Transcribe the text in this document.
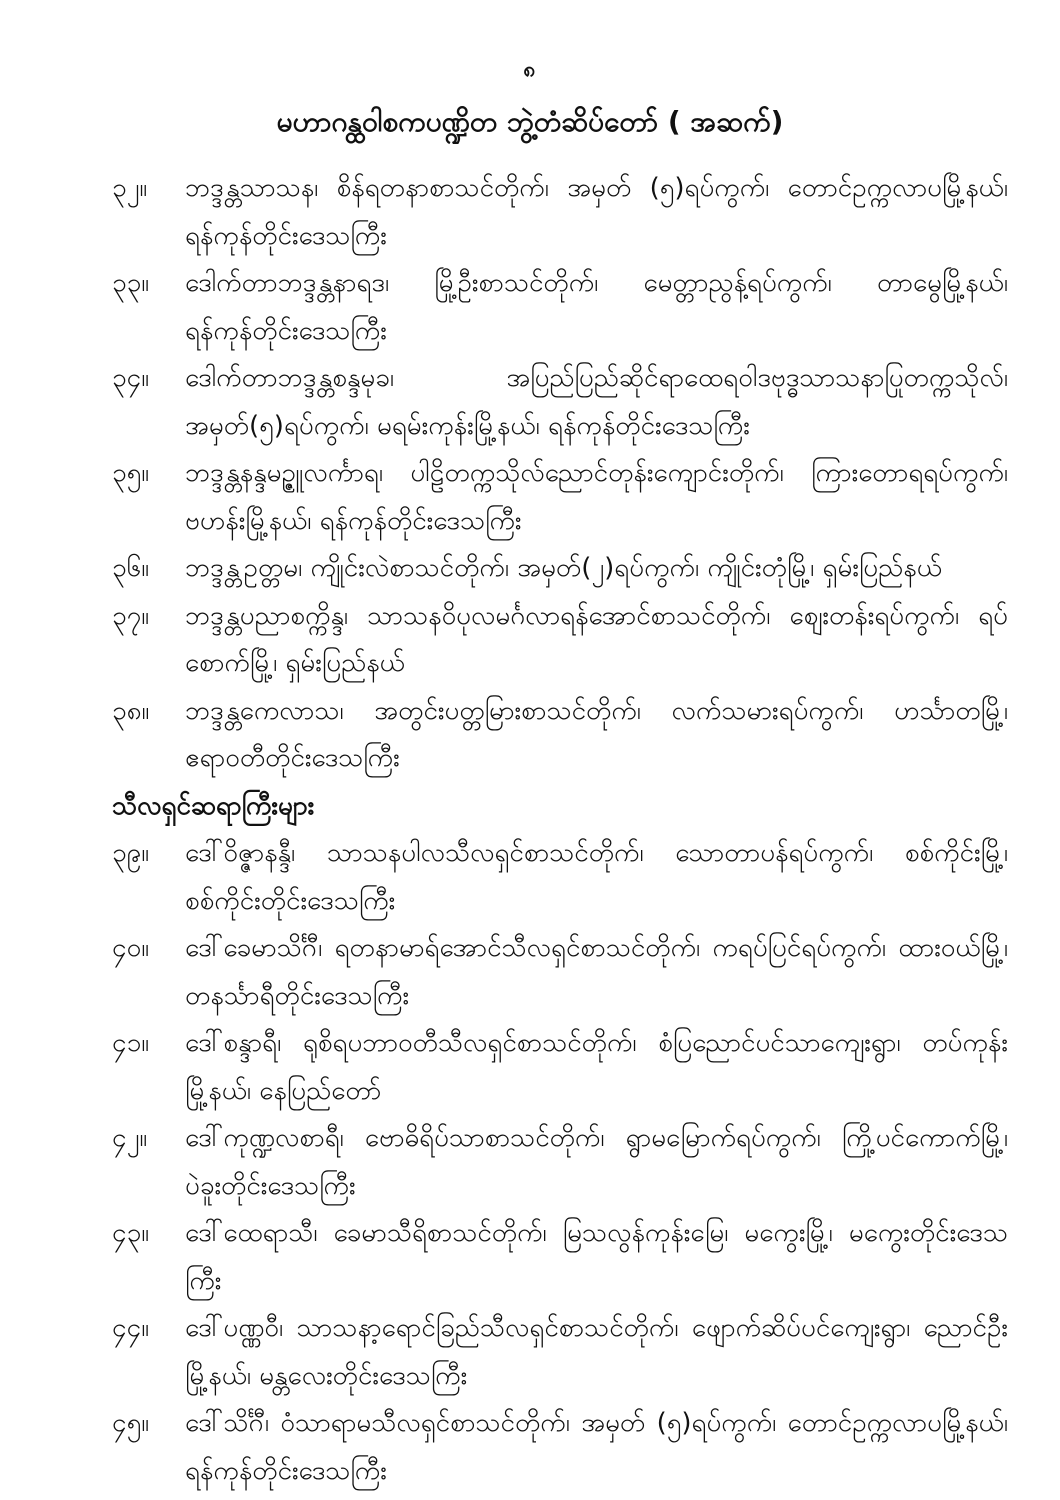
၈
မဟာဂန္ထဝါစကပဏ္ဍိတ ဘွဲ့တံဆိပ်တော် ( အဆက်)
၃၂။	ဘဒ္ဒန္တသာသန၊ စိန်ရတနာစာသင်တိုက်၊ အမှတ် (၅)ရပ်ကွက်၊ တောင်ဥက္ကလာပမြို့နယ်၊ ရန်ကုန်တိုင်းဒေသကြီး
၃၃။	ဒေါက်တာဘဒ္ဒန္တနာရဒ၊ မြို့ဦးစာသင်တိုက်၊ မေတ္တာညွန့်ရပ်ကွက်၊ တာမွေမြို့နယ်၊ ရန်ကုန်တိုင်းဒေသကြီး
၃၄။	ဒေါက်တာဘဒ္ဒန္တစန္ဒမုခ၊ အပြည်ပြည်ဆိုင်ရာထေရဝါဒဗုဒ္ဓသာသနာပြုတက္ကသိုလ်၊ အမှတ်(၅)ရပ်ကွက်၊ မရမ်းကုန်းမြို့နယ်၊ ရန်ကုန်တိုင်းဒေသကြီး
၃၅။	ဘဒ္ဒန္တနန္ဒမဉ္ဇူလင်္ကာရ၊ ပါဠိတက္ကသိုလ်ညောင်တုန်းကျောင်းတိုက်၊ ကြားတောရရပ်ကွက်၊ ဗဟန်းမြို့နယ်၊ ရန်ကုန်တိုင်းဒေသကြီး
၃၆။	ဘဒ္ဒန္တဥတ္တမ၊ ကျိုင်းလဲစာသင်တိုက်၊ အမှတ်(၂)ရပ်ကွက်၊ ကျိုင်းတုံမြို့၊ ရှမ်းပြည်နယ်
၃၇။	ဘဒ္ဒန္တပညာစက္ကိန္ဒ၊ သာသနဝိပုလမင်္ဂလာရန်အောင်စာသင်တိုက်၊ စျေးတန်းရပ်ကွက်၊ ရပ်စောက်မြို့၊ ရှမ်းပြည်နယ်
၃၈။	ဘဒ္ဒန္တကေလာသ၊ အတွင်းပတ္တမြားစာသင်တိုက်၊ လက်သမားရပ်ကွက်၊ ဟင်္သာတမြို့၊ ဧရာဝတီတိုင်းဒေသကြီး
သီလရှင်ဆရာကြီးများ
၃၉။	ဒေါ်ဝိဇ္ဇာနန္ဒီ၊ သာသနပါလသီလရှင်စာသင်တိုက်၊ သောတာပန်ရပ်ကွက်၊ စစ်ကိုင်းမြို့၊ စစ်ကိုင်းတိုင်းဒေသကြီး
၄၀။	ဒေါ်ခေမာသိင်္ဂီ၊ ရတနာမာရ်အောင်သီလရှင်စာသင်တိုက်၊ ကရပ်ပြင်ရပ်ကွက်၊ ထားဝယ်မြို့၊ တနင်္သာရီတိုင်းဒေသကြီး
၄၁။	ဒေါ်စန္ဒာရီ၊ ရုစိရပဘာဝတီသီလရှင်စာသင်တိုက်၊ စံပြညောင်ပင်သာကျေးရွာ၊ တပ်ကုန်းမြို့နယ်၊ နေပြည်တော်
၄၂။	ဒေါ်ကုဏ္ဍလစာရီ၊ ဗောဓိရိပ်သာစာသင်တိုက်၊ ရွာမမြောက်ရပ်ကွက်၊ ကြို့ပင်ကောက်မြို့၊ ပဲခူးတိုင်းဒေသကြီး
၄၃။	ဒေါ်ထေရာသီ၊ ခေမာသီရိစာသင်တိုက်၊ မြသလွန်ကုန်းမြေ၊ မကွေးမြို့၊ မကွေးတိုင်းဒေသကြီး
၄၄။	ဒေါ်ပဏ္ဏဝီ၊ သာသနာ့ရောင်ခြည်သီလရှင်စာသင်တိုက်၊ ဖျောက်ဆိပ်ပင်ကျေးရွာ၊ ညောင်ဦးမြို့နယ်၊ မန္တလေးတိုင်းဒေသကြီး
၄၅။	ဒေါ်သိင်္ဂီ၊ ဝံသာရာမသီလရှင်စာသင်တိုက်၊ အမှတ် (၅)ရပ်ကွက်၊ တောင်ဥက္ကလာပမြို့နယ်၊ ရန်ကုန်တိုင်းဒေသကြီး
